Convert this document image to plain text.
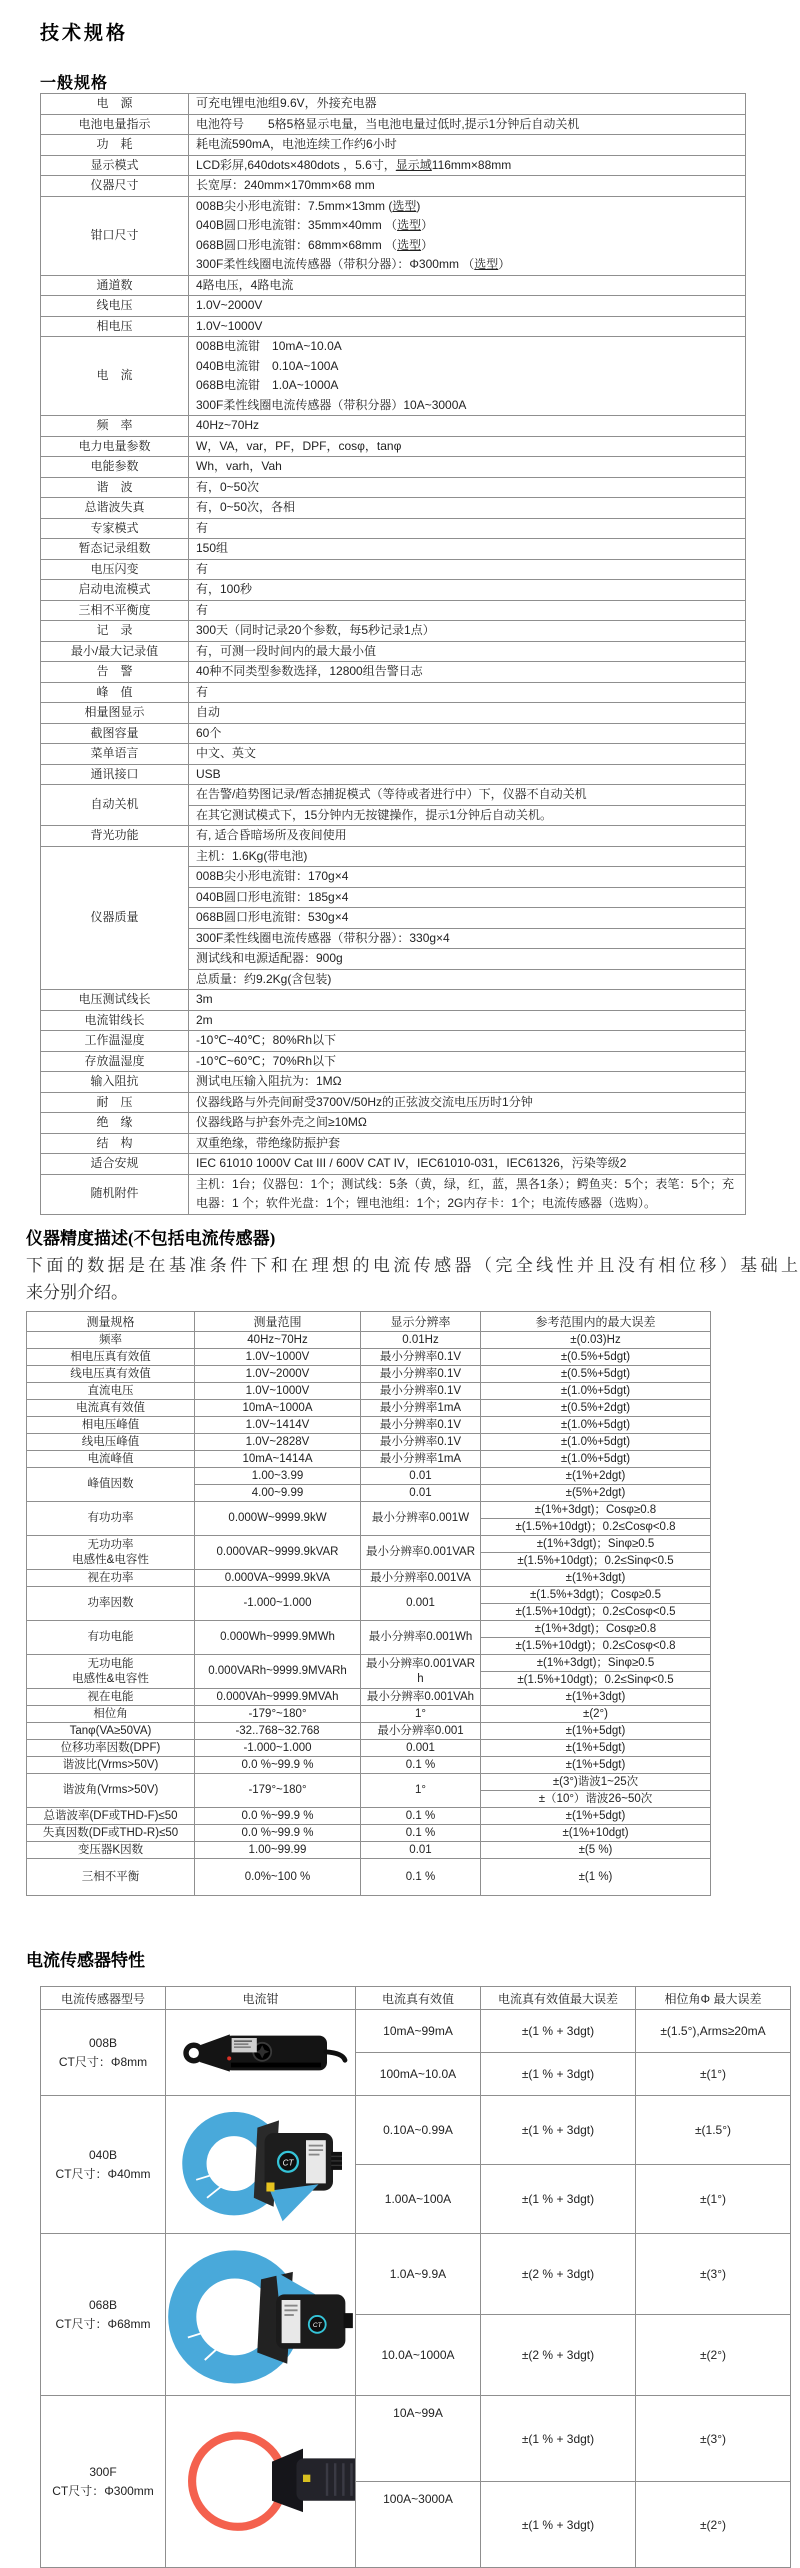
技术规格
一般规格
电　源	可充电锂电池组9.6V，外接充电器

电池电量指示	电池符号　　5格5格显示电量，当电池电量过低时,提示1分钟后自动关机

功　耗	耗电流590mA，电池连续工作约6小时

显示模式	LCD彩屏,640dots×480dots ，5.6寸，显示域116mm×88mm

仪器尺寸	长宽厚：240mm×170mm×68 mm

钳口尺寸	008B尖小形电流钳：7.5mm×13mm (选型)
040B圆口形电流钳：35mm×40mm （选型）
068B圆口形电流钳：68mm×68mm （选型）
300F柔性线圈电流传感器（带积分器）：Φ300mm （选型）

通道数	4路电压，4路电流

线电压	1.0V~2000V

相电压	1.0V~1000V

电　流	008B电流钳　10mA~10.0A
040B电流钳　0.10A~100A
068B电流钳　1.0A~1000A
300F柔性线圈电流传感器（带积分器）10A~3000A

频　率	40Hz~70Hz

电力电量参数	W，VA，var，PF，DPF，cosφ，tanφ

电能参数	Wh，varh，Vah

谐　波	有，0~50次

总谐波失真	有，0~50次，各相

专家模式	有

暂态记录组数	150组

电压闪变	有

启动电流模式	有，100秒

三相不平衡度	有

记　录	300天（同时记录20个参数，每5秒记录1点）

最小/最大记录值	有，可测一段时间内的最大最小值

告　警	40种不同类型参数选择，12800组告警日志

峰　值	有

相量图显示	自动

截图容量	60个

菜单语言	中文、英文

通讯接口	USB

自动关机	在告警/趋势图记录/暂态捕捉模式（等待或者进行中）下，仪器不自动关机

	在其它测试模式下，15分钟内无按键操作，提示1分钟后自动关机。

背光功能	有, 适合昏暗场所及夜间使用

仪器质量	主机：1.6Kg(带电池)

	008B尖小形电流钳：170g×4

	040B圆口形电流钳：185g×4

	068B圆口形电流钳：530g×4

	300F柔性线圈电流传感器（带积分器）：330g×4

	测试线和电源适配器：900g

	总质量：约9.2Kg(含包装)

电压测试线长	3m

电流钳线长	2m

工作温湿度	-10℃~40℃；80%Rh以下

存放温湿度	-10℃~60℃；70%Rh以下

输入阻抗	测试电压输入阻抗为：1MΩ

耐　压	仪器线路与外壳间耐受3700V/50Hz的正弦波交流电压历时1分钟

绝　缘	仪器线路与护套外壳之间≥10MΩ

结　构	双重绝缘，带绝缘防振护套

适合安规	IEC 61010 1000V Cat III / 600V CAT IV，IEC61010-031，IEC61326，污染等级2

随机附件	主机：1台；仪器包：1个；测试线：5条（黄，绿，红，蓝，黑各1条）；鳄鱼夹：5个；表笔：5个；充电器：1 个；软件光盘：1个；锂电池组：1个；2G内存卡：1个；电流传感器（选购）。
仪器精度描述(不包括电流传感器)

下面的数据是在基准条件下和在理想的电流传感器（完全线性并且没有相位移）基础上
来分别介绍。

测量规格	测量范围	显示分辨率	参考范围内的最大误差

频率	40Hz~70Hz	0.01Hz	±(0.03)Hz

相电压真有效值	1.0V~1000V	最小分辨率0.1V	±(0.5%+5dgt)

线电压真有效值	1.0V~2000V	最小分辨率0.1V	±(0.5%+5dgt)

直流电压	1.0V~1000V	最小分辨率0.1V	±(1.0%+5dgt)

电流真有效值	10mA~1000A	最小分辨率1mA	±(0.5%+2dgt)

相电压峰值	1.0V~1414V	最小分辨率0.1V	±(1.0%+5dgt)

线电压峰值	1.0V~2828V	最小分辨率0.1V	±(1.0%+5dgt)

电流峰值	10mA~1414A	最小分辨率1mA	±(1.0%+5dgt)

峰值因数	1.00~3.99	0.01	±(1%+2dgt)
	4.00~9.99	0.01	±(5%+2dgt)

有功功率	0.000W~9999.9kW	最小分辨率0.001W	±(1%+3dgt)；Cosφ≥0.8
			±(1.5%+10dgt)；0.2≤Cosφ<0.8

无功功率
电感性&电容性	0.000VAR~9999.9kVAR	最小分辨率0.001VAR	±(1%+3dgt)；Sinφ≥0.5
			±(1.5%+10dgt)；0.2≤Sinφ<0.5

视在功率	0.000VA~9999.9kVA	最小分辨率0.001VA	±(1%+3dgt)

功率因数	-1.000~1.000	0.001	±(1.5%+3dgt)；Cosφ≥0.5
			±(1.5%+10dgt)；0.2≤Cosφ<0.5

有功电能	0.000Wh~9999.9MWh	最小分辨率0.001Wh	±(1%+3dgt)；Cosφ≥0.8
			±(1.5%+10dgt)；0.2≤Cosφ<0.8

无功电能
电感性&电容性	0.000VARh~9999.9MVARh	最小分辨率0.001VARh	±(1%+3dgt)；Sinφ≥0.5
			±(1.5%+10dgt)；0.2≤Sinφ<0.5

视在电能	0.000VAh~9999.9MVAh	最小分辨率0.001VAh	±(1%+3dgt)

相位角	-179°~180°	1°	±(2°)

Tanφ(VA≥50VA)	-32..768~32.768	最小分辨率0.001	±(1%+5dgt)

位移功率因数(DPF)	-1.000~1.000	0.001	±(1%+5dgt)

谐波比(Vrms>50V)	0.0 %~99.9 %	0.1 %	±(1%+5dgt)

谐波角(Vrms>50V)	-179°~180°	1°	±(3°)谐波1~25次
			±（10°）谐波26~50次

总谐波率(DF或THD-F)≤50	0.0 %~99.9 %	0.1 %	±(1%+5dgt)

失真因数(DF或THD-R)≤50	0.0 %~99.9 %	0.1 %	±(1%+10dgt)

变压器K因数	1.00~99.99	0.01	±(5 %)

三相不平衡	0.0%~100 %	0.1 %	±(1 %)
电流传感器特性
电流传感器型号	电流钳	电流真有效值	电流真有效值最大误差	相位角Φ 最大误差

008B
CT尺寸：Φ8mm		10mA~99mA	±(1 % + 3dgt)	±(1.5°),Arms≥20mA
		100mA~10.0A	±(1 % + 3dgt)	±(1°)

040B
CT尺寸：Φ40mm	CT	0.10A~0.99A	±(1 % + 3dgt)	±(1.5°)
		1.00A~100A	±(1 % + 3dgt)	±(1°)

068B
CT尺寸：Φ68mm	CT	1.0A~9.9A	±(2 % + 3dgt)	±(3°)
		10.0A~1000A	±(2 % + 3dgt)	±(2°)

300F
CT尺寸：Φ300mm		10A~99A	±(1 % + 3dgt)	±(3°)
		100A~3000A	±(1 % + 3dgt)	±(2°)
